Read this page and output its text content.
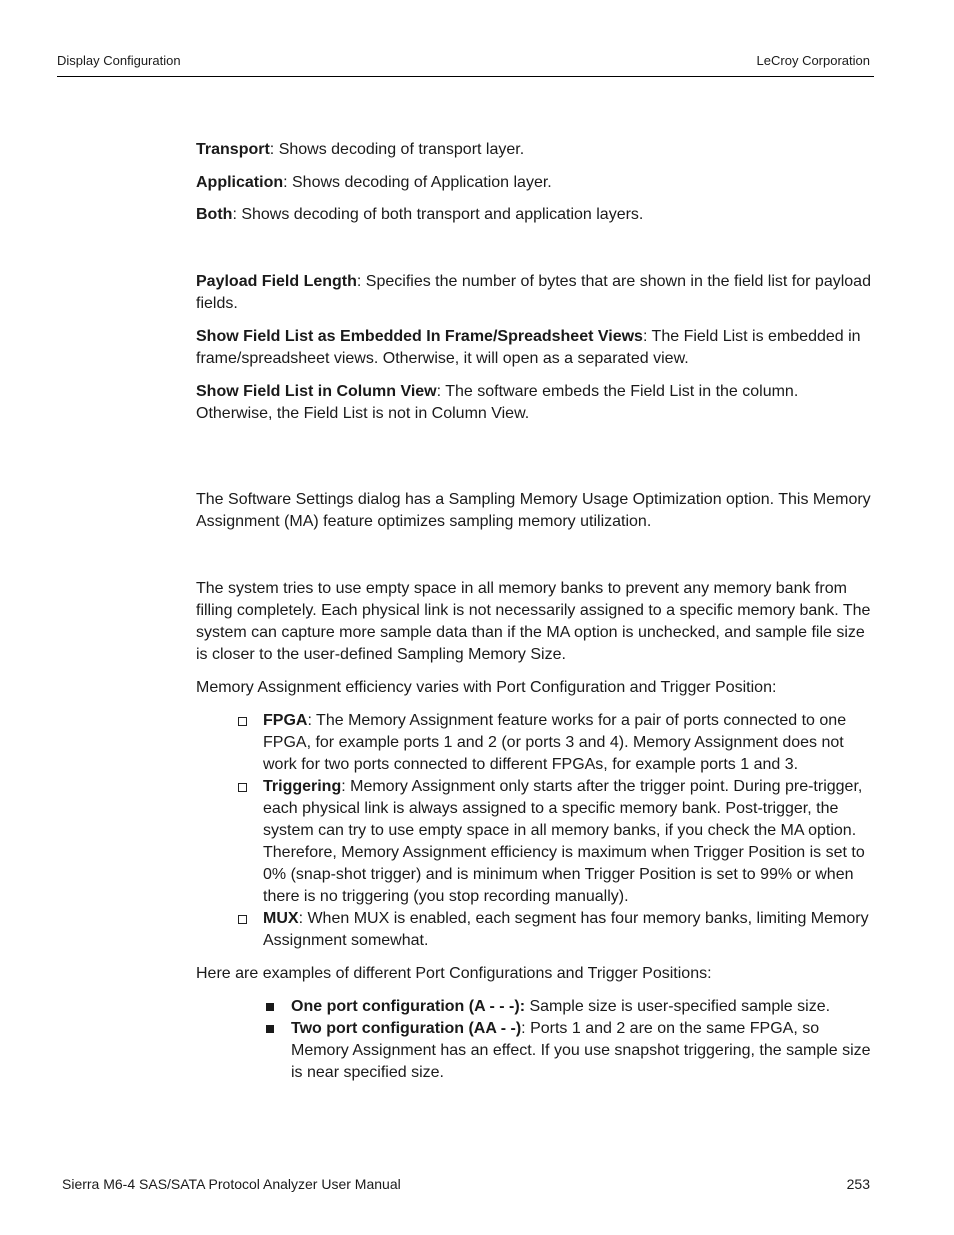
Display Configuration	LeCroy Corporation

Transport: Shows decoding of transport layer.

Application: Shows decoding of Application layer.

Both: Shows decoding of both transport and application layers.

Payload Field Length: Specifies the number of bytes that are shown in the field list for payload fields.

Show Field List as Embedded In Frame/Spreadsheet Views: The Field List is embedded in frame/spreadsheet views. Otherwise, it will open as a separated view.

Show Field List in Column View: The software embeds the Field List in the column. Otherwise, the Field List is not in Column View.

The Software Settings dialog has a Sampling Memory Usage Optimization option. This Memory Assignment (MA) feature optimizes sampling memory utilization.

The system tries to use empty space in all memory banks to prevent any memory bank from filling completely. Each physical link is not necessarily assigned to a specific memory bank. The system can capture more sample data than if the MA option is unchecked, and sample file size is closer to the user-defined Sampling Memory Size.

Memory Assignment efficiency varies with Port Configuration and Trigger Position:

FPGA: The Memory Assignment feature works for a pair of ports connected to one FPGA, for example ports 1 and 2 (or ports 3 and 4). Memory Assignment does not work for two ports connected to different FPGAs, for example ports 1 and 3.
Triggering: Memory Assignment only starts after the trigger point. During pre-trigger, each physical link is always assigned to a specific memory bank. Post-trigger, the system can try to use empty space in all memory banks, if you check the MA option. Therefore, Memory Assignment efficiency is maximum when Trigger Position is set to 0% (snap-shot trigger) and is minimum when Trigger Position is set to 99% or when there is no triggering (you stop recording manually).
MUX: When MUX is enabled, each segment has four memory banks, limiting Memory Assignment somewhat.

Here are examples of different Port Configurations and Trigger Positions:

One port configuration (A - - -): Sample size is user-specified sample size.
Two port configuration (AA - -): Ports 1 and 2 are on the same FPGA, so Memory Assignment has an effect. If you use snapshot triggering, the sample size is near specified size.
Sierra M6-4 SAS/SATA Protocol Analyzer User Manual	253
